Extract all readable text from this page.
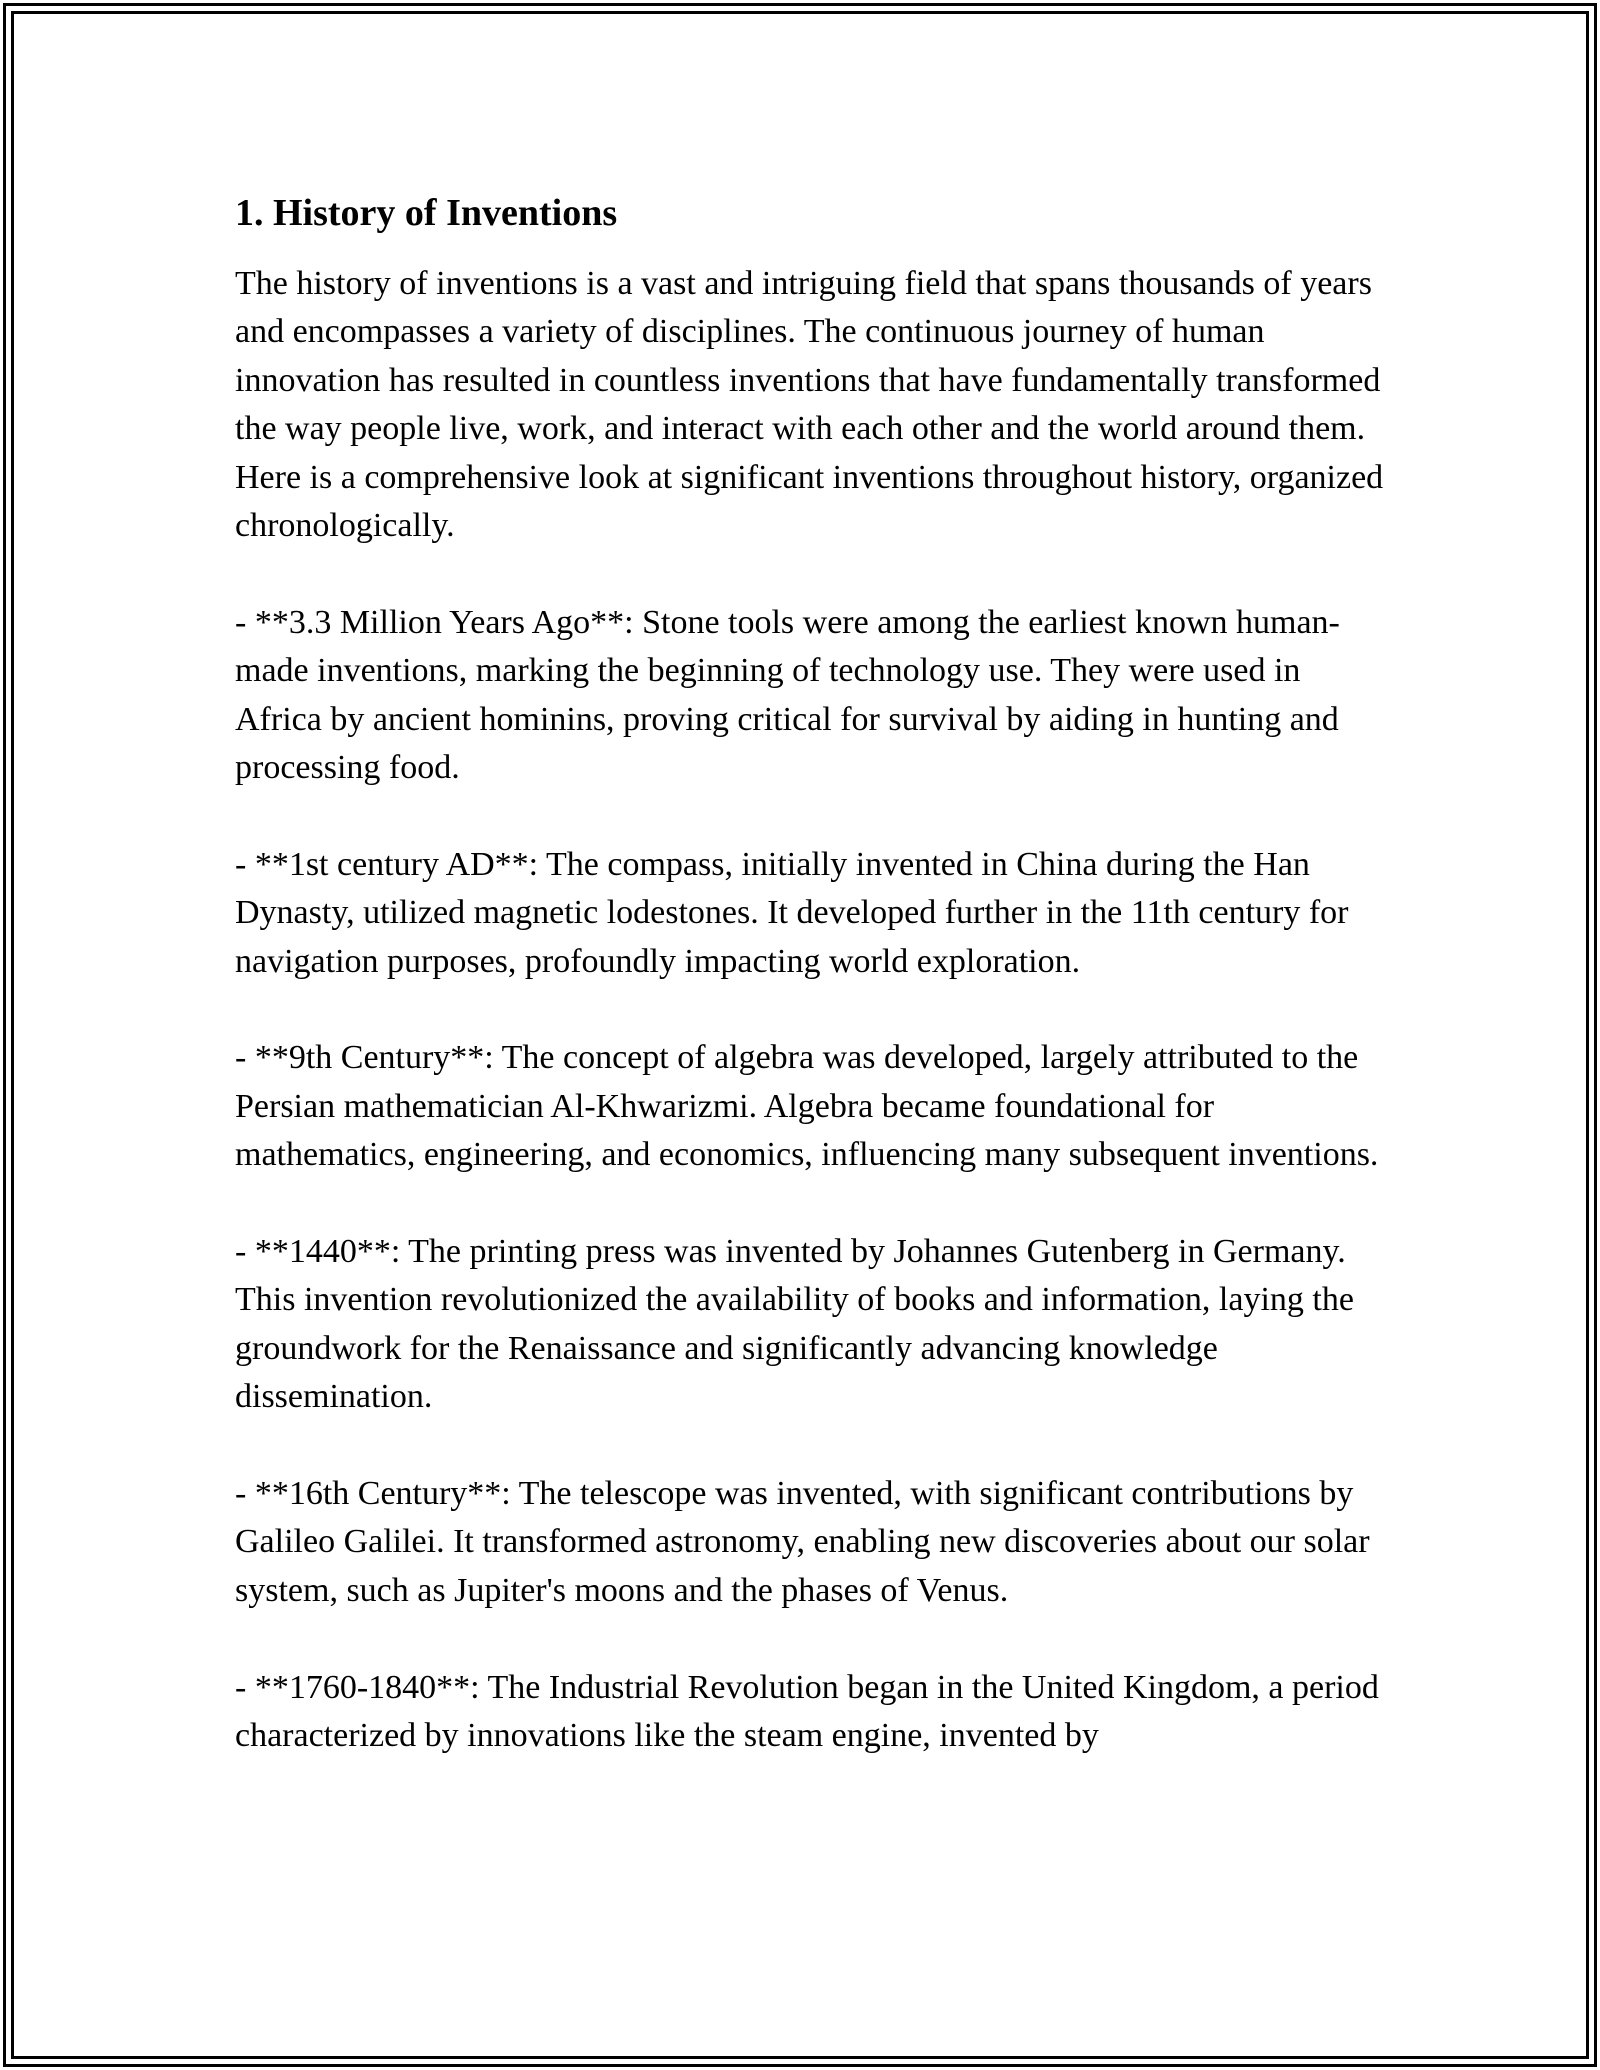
1. History of Inventions

The history of inventions is a vast and intriguing field that spans thousands of years and encompasses a variety of disciplines. The continuous journey of human innovation has resulted in countless inventions that have fundamentally transformed the way people live, work, and interact with each other and the world around them. Here is a comprehensive look at significant inventions throughout history, organized chronologically.

- **3.3 Million Years Ago**: Stone tools were among the earliest known human-made inventions, marking the beginning of technology use. They were used in Africa by ancient hominins, proving critical for survival by aiding in hunting and processing food.

- **1st century AD**: The compass, initially invented in China during the Han Dynasty, utilized magnetic lodestones. It developed further in the 11th century for navigation purposes, profoundly impacting world exploration.

- **9th Century**: The concept of algebra was developed, largely attributed to the Persian mathematician Al-Khwarizmi. Algebra became foundational for mathematics, engineering, and economics, influencing many subsequent inventions.

- **1440**: The printing press was invented by Johannes Gutenberg in Germany. This invention revolutionized the availability of books and information, laying the groundwork for the Renaissance and significantly advancing knowledge dissemination.

- **16th Century**: The telescope was invented, with significant contributions by Galileo Galilei. It transformed astronomy, enabling new discoveries about our solar system, such as Jupiter's moons and the phases of Venus.

- **1760-1840**: The Industrial Revolution began in the United Kingdom, a period characterized by innovations like the steam engine, invented by
